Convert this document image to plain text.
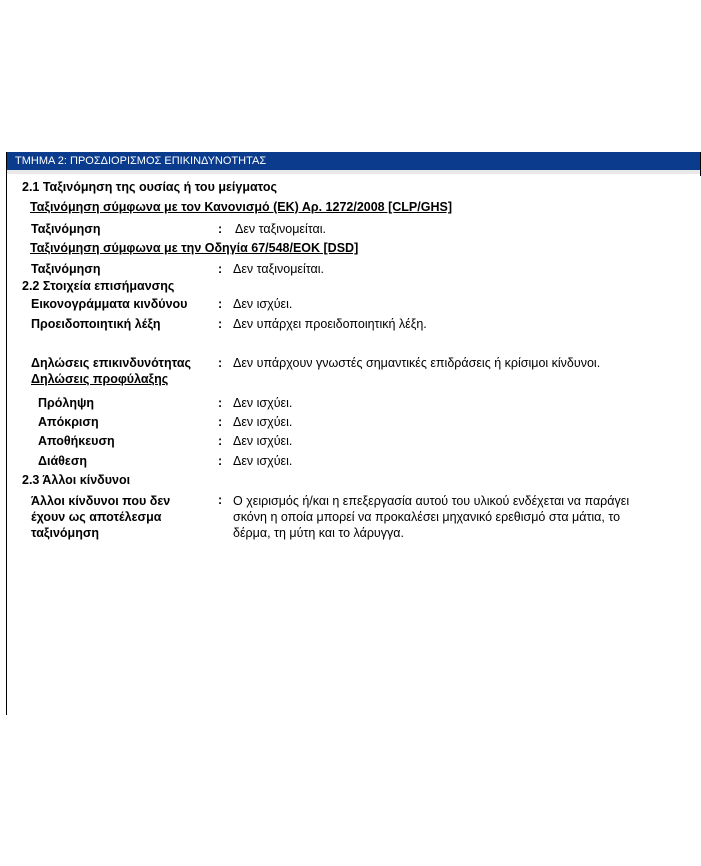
ΤΜΗΜΑ 2: ΠΡΟΣΔΙΟΡΙΣΜΟΣ ΕΠΙΚΙΝΔΥΝΟΤΗΤΑΣ
2.1 Ταξινόμηση της ουσίας ή του μείγματος
Ταξινόμηση σύμφωνα με τον Κανονισμό (ΕΚ) Αρ. 1272/2008 [CLP/GHS]
Ταξινόμηση	: Δεν ταξινομείται.
Ταξινόμηση σύμφωνα με την Οδηγία 67/548/ΕΟΚ [DSD]
Ταξινόμηση	: Δεν ταξινομείται.
2.2 Στοιχεία επισήμανσης
Εικονογράμματα κινδύνου : Δεν ισχύει.
Προειδοποιητική λέξη	: Δεν υπάρχει προειδοποιητική λέξη.
Δηλώσεις επικινδυνότητας : Δεν υπάρχουν γνωστές σημαντικές επιδράσεις ή κρίσιμοι κίνδυνοι.
Δηλώσεις προφύλαξης
Πρόληψη	: Δεν ισχύει.
Απόκριση	: Δεν ισχύει.
Αποθήκευση	: Δεν ισχύει.
Διάθεση	: Δεν ισχύει.
2.3 Άλλοι κίνδυνοι
Άλλοι κίνδυνοι που δεν έχουν ως αποτέλεσμα ταξινόμηση
: Ο χειρισμός ή/και η επεξεργασία αυτού του υλικού ενδέχεται να παράγει σκόνη η οποία μπορεί να προκαλέσει μηχανικό ερεθισμό στα μάτια, το δέρμα, τη μύτη και το λάρυγγα.
